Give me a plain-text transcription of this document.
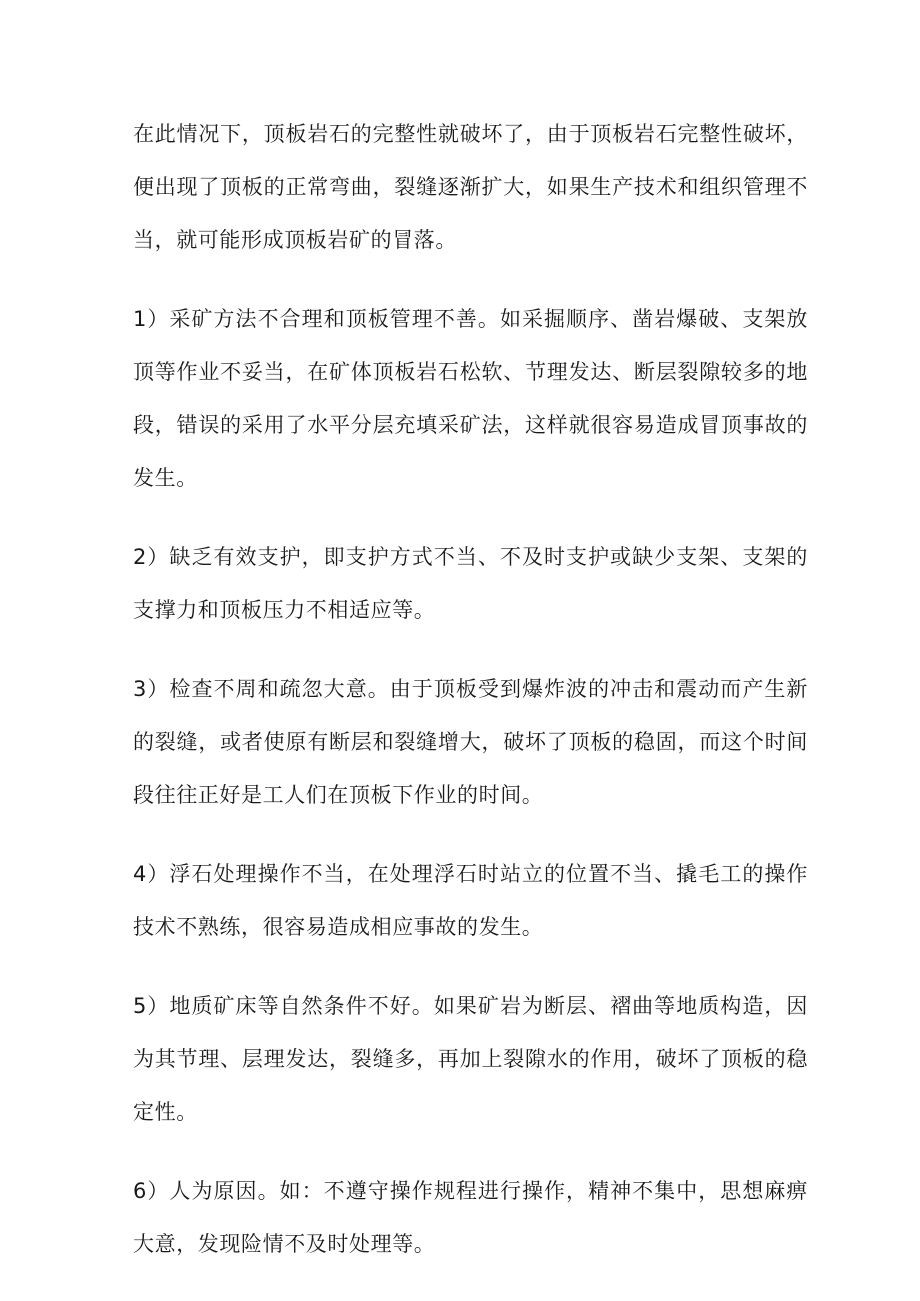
在此情况下，顶板岩石的完整性就破坏了，由于顶板岩石完整性破坏，便出现了顶板的正常弯曲，裂缝逐渐扩大，如果生产技术和组织管理不当，就可能形成顶板岩矿的冒落。

1）采矿方法不合理和顶板管理不善。如采掘顺序、凿岩爆破、支架放顶等作业不妥当，在矿体顶板岩石松软、节理发达、断层裂隙较多的地段，错误的采用了水平分层充填采矿法，这样就很容易造成冒顶事故的发生。

2）缺乏有效支护，即支护方式不当、不及时支护或缺少支架、支架的支撑力和顶板压力不相适应等。

3）检查不周和疏忽大意。由于顶板受到爆炸波的冲击和震动而产生新的裂缝，或者使原有断层和裂缝增大，破坏了顶板的稳固，而这个时间段往往正好是工人们在顶板下作业的时间。

4）浮石处理操作不当，在处理浮石时站立的位置不当、撬毛工的操作技术不熟练，很容易造成相应事故的发生。

5）地质矿床等自然条件不好。如果矿岩为断层、褶曲等地质构造，因为其节理、层理发达，裂缝多，再加上裂隙水的作用，破坏了顶板的稳定性。

6）人为原因。如：不遵守操作规程进行操作，精神不集中，思想麻痹大意，发现险情不及时处理等。
